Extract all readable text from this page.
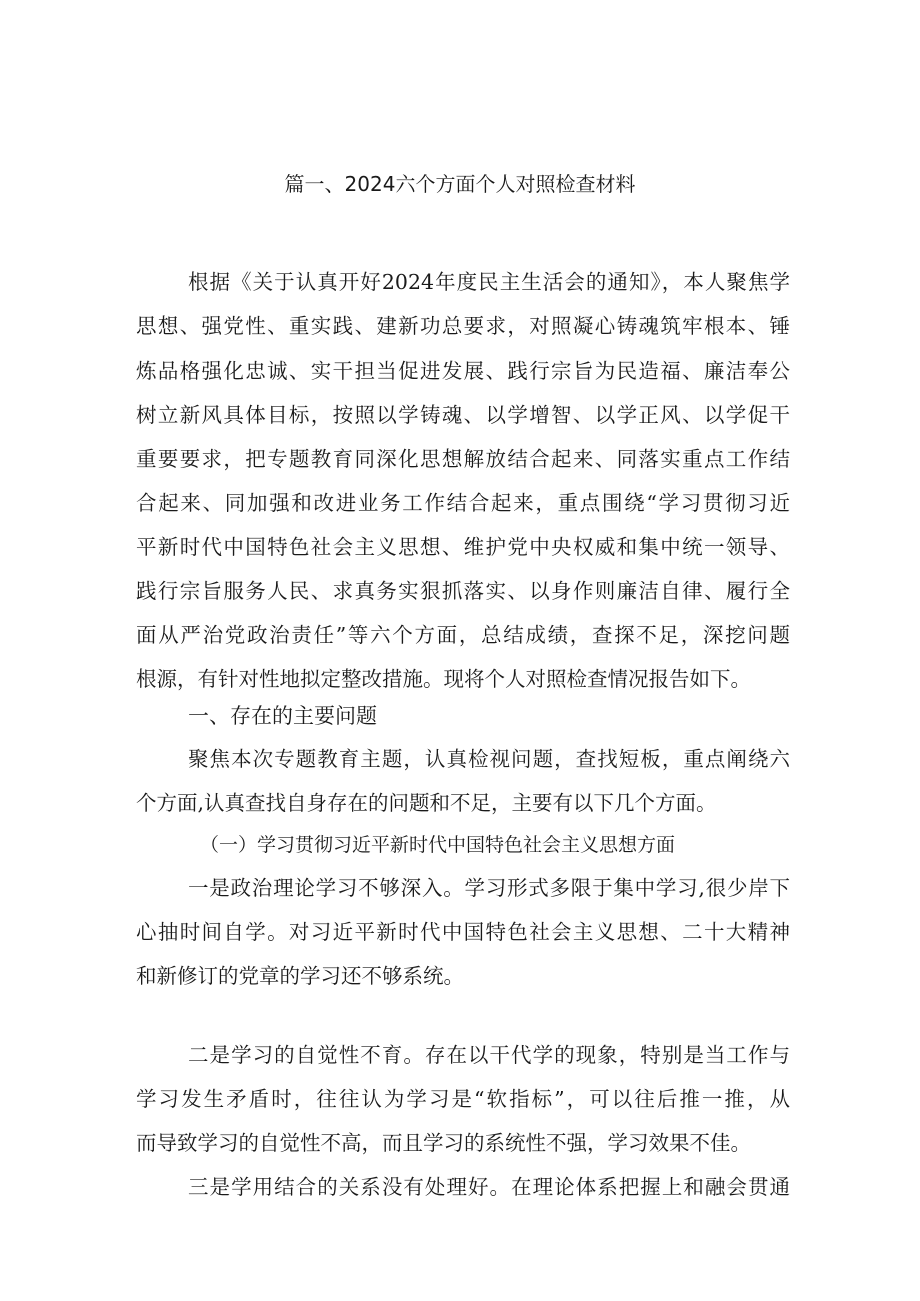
篇一、2024六个方面个人对照检查材料
根据《关于认真开好2024年度民主生活会的通知》，本人聚焦学
思想、强党性、重实践、建新功总要求，对照凝心铸魂筑牢根本、锤
炼品格强化忠诚、实干担当促进发展、践行宗旨为民造福、廉洁奉公
树立新风具体目标，按照以学铸魂、以学增智、以学正风、以学促干
重要要求，把专题教育同深化思想解放结合起来、同落实重点工作结
合起来、同加强和改进业务工作结合起来，重点围绕“学习贯彻习近
平新时代中国特色社会主义思想、维护党中央权威和集中统一领导、
践行宗旨服务人民、求真务实狠抓落实、以身作则廉洁自律、履行全
面从严治党政治责任”等六个方面，总结成绩，查探不足，深挖问题
根源，有针对性地拟定整改措施。现将个人对照检查情况报告如下。
一、存在的主要问题
聚焦本次专题教育主题，认真检视问题，查找短板，重点阐绕六
个方面,认真查找自身存在的问题和不足，主要有以下几个方面。
（一）学习贯彻习近平新时代中国特色社会主义思想方面
一是政治理论学习不够深入。学习形式多限于集中学习,很少岸下
心抽时间自学。对习近平新时代中国特色社会主义思想、二十大精神
和新修订的党章的学习还不够系统。
二是学习的自觉性不育。存在以干代学的现象，特别是当工作与
学习发生矛盾时，往往认为学习是“软指标”，可以往后推一推，从
而导致学习的自觉性不高，而且学习的系统性不强，学习效果不佳。
三是学用结合的关系没有处理好。在理论体系把握上和融会贯通
